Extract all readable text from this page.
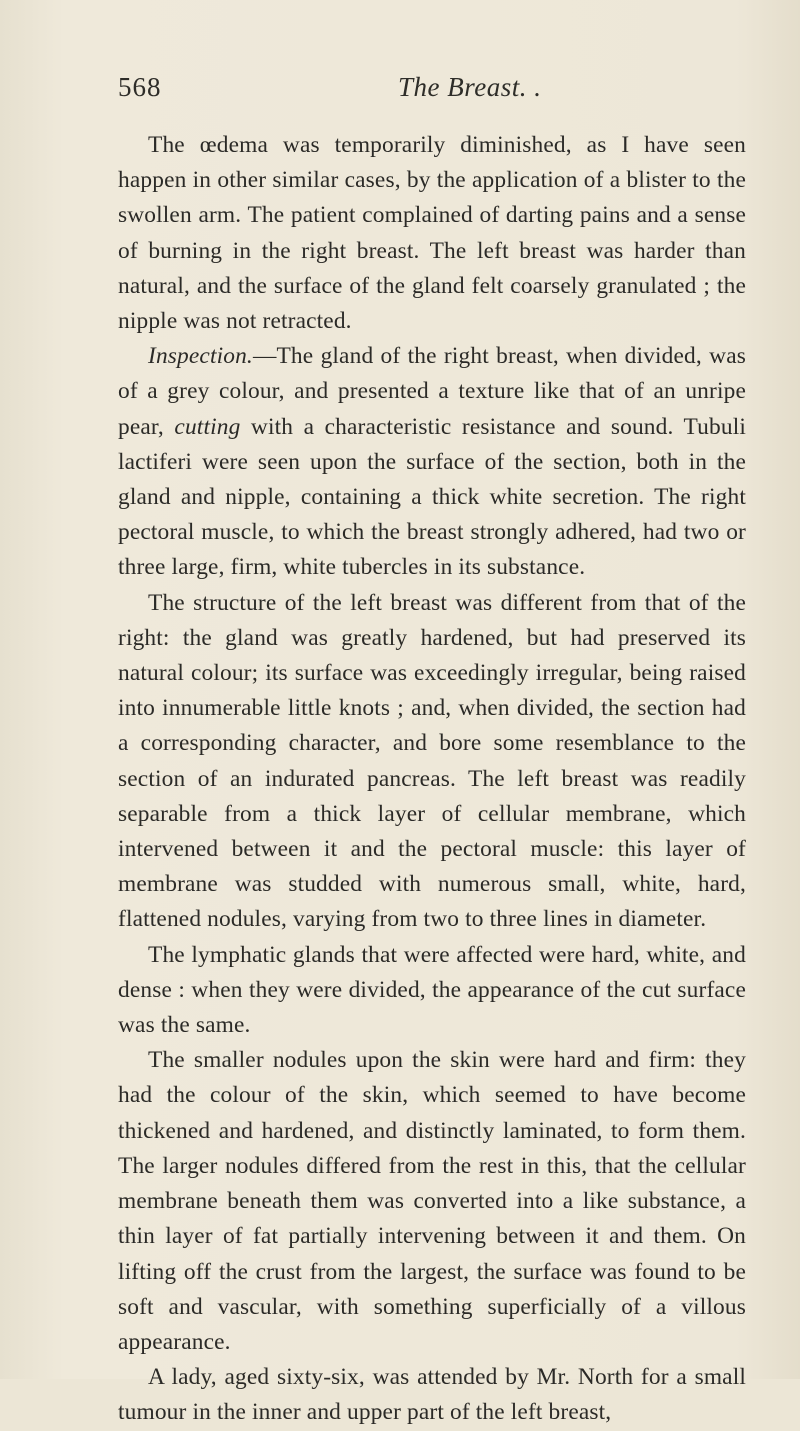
568	The Breast. .

The œdema was temporarily diminished, as I have seen happen in other similar cases, by the application of a blister to the swollen arm. The patient complained of darting pains and a sense of burning in the right breast. The left breast was harder than natural, and the surface of the gland felt coarsely granulated ; the nipple was not retracted.

Inspection.—The gland of the right breast, when divided, was of a grey colour, and presented a texture like that of an unripe pear, cutting with a characteristic resistance and sound. Tubuli lactiferi were seen upon the surface of the section, both in the gland and nipple, containing a thick white secretion. The right pectoral muscle, to which the breast strongly adhered, had two or three large, firm, white tubercles in its substance.

The structure of the left breast was different from that of the right: the gland was greatly hardened, but had preserved its natural colour; its surface was exceedingly irregular, being raised into innumerable little knots ; and, when divided, the section had a corresponding character, and bore some resemblance to the section of an indurated pancreas. The left breast was readily separable from a thick layer of cellular membrane, which intervened between it and the pectoral muscle: this layer of membrane was studded with numerous small, white, hard, flattened nodules, varying from two to three lines in diameter.

The lymphatic glands that were affected were hard, white, and dense : when they were divided, the appearance of the cut surface was the same.

The smaller nodules upon the skin were hard and firm: they had the colour of the skin, which seemed to have become thickened and hardened, and distinctly laminated, to form them. The larger nodules differed from the rest in this, that the cellular membrane beneath them was converted into a like substance, a thin layer of fat partially intervening between it and them. On lifting off the crust from the largest, the surface was found to be soft and vascular, with something superficially of a villous appearance.

A lady, aged sixty-six, was attended by Mr. North for a small tumour in the inner and upper part of the left breast,
